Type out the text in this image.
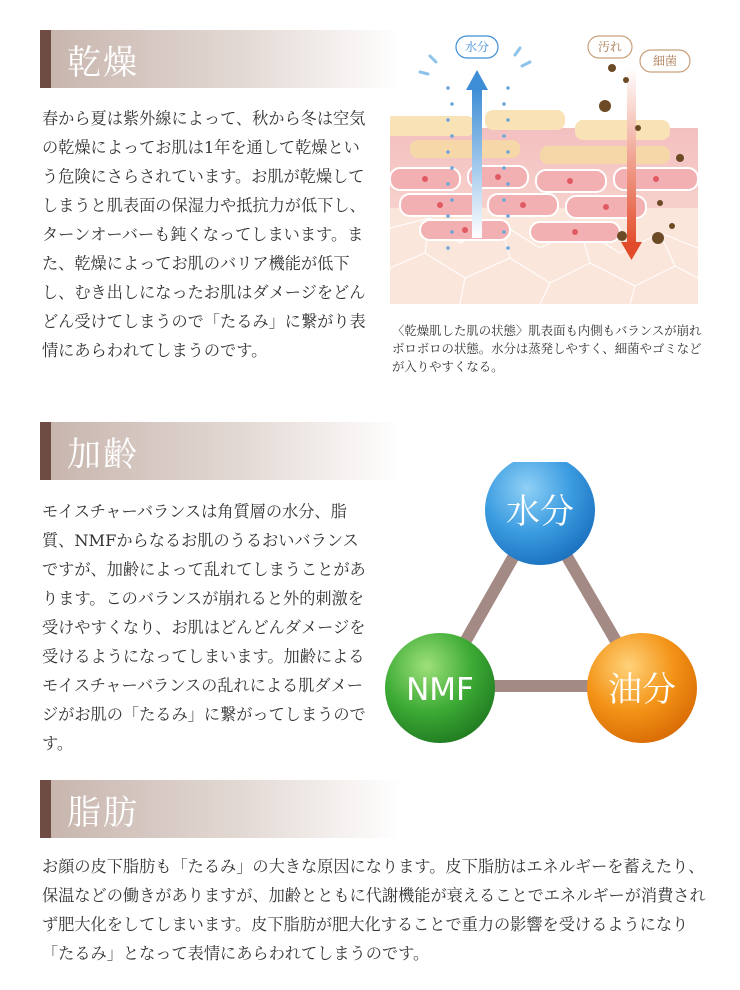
乾燥

春から夏は紫外線によって、秋から冬は空気の乾燥によってお肌は1年を通して乾燥という危険にさらされています。お肌が乾燥してしまうと肌表面の保湿力や抵抗力が低下し、ターンオーバーも鈍くなってしまいます。また、乾燥によってお肌のバリア機能が低下し、むき出しになったお肌はダメージをどんどん受けてしまうので「たるみ」に繋がり表情にあらわれてしまうのです。

水分	汚れ
細菌

〈乾燥肌した肌の状態〉肌表面も内側もバランスが崩れボロボロの状態。水分は蒸発しやすく、細菌やゴミなどが入りやすくなる。

加齢

モイスチャーバランスは角質層の水分、脂質、NMFからなるお肌のうるおいバランスですが、加齢によって乱れてしまうことがあります。このバランスが崩れると外的刺激を受けやすくなり、お肌はどんどんダメージを受けるようになってしまいます。加齢によるモイスチャーバランスの乱れによる肌ダメージがお肌の「たるみ」に繋がってしまうのです。

水分
NMF	油分
脂肪

お顔の皮下脂肪も「たるみ」の大きな原因になります。皮下脂肪はエネルギーを蓄えたり、保温などの働きがありますが、加齢とともに代謝機能が衰えることでエネルギーが消費されず肥大化をしてしまいます。皮下脂肪が肥大化することで重力の影響を受けるようになり「たるみ」となって表情にあらわれてしまうのです。
